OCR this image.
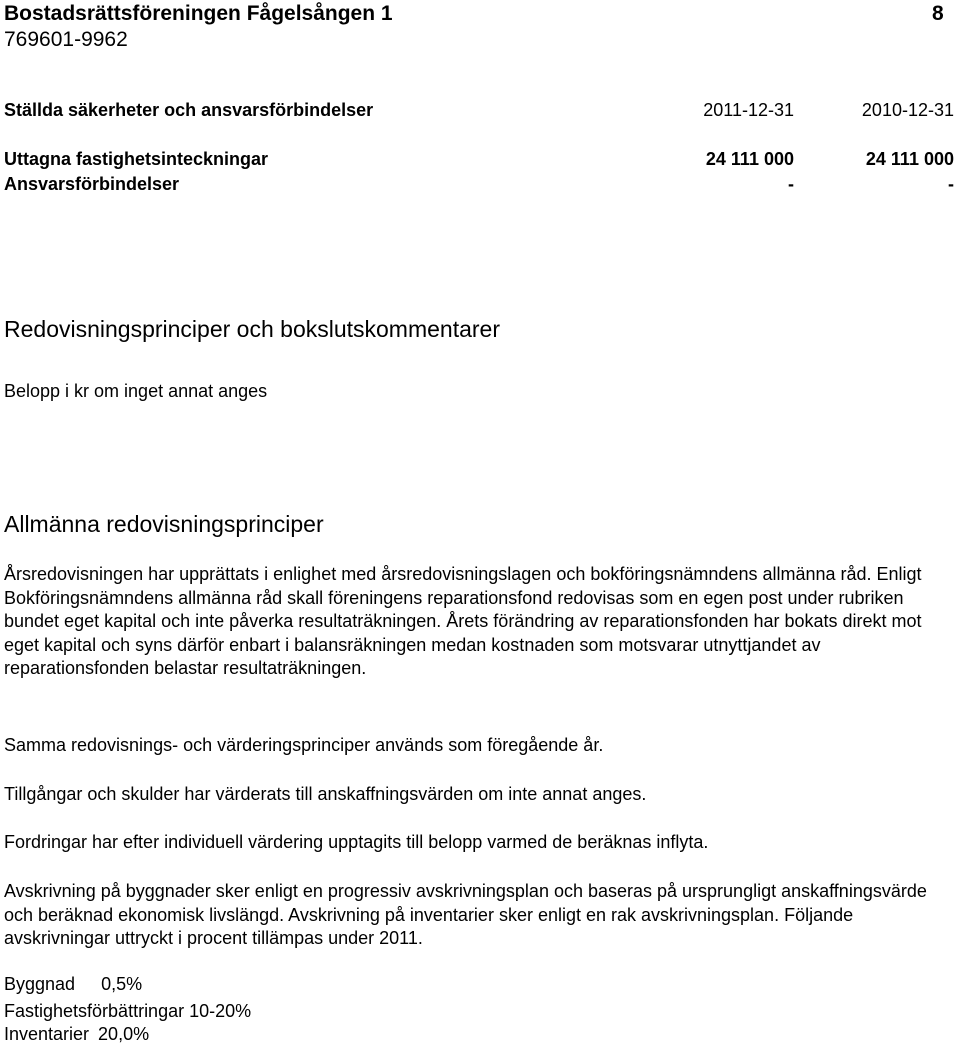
Bostadsrättsföreningen Fågelsången 1	8
769601-9962
Ställda säkerheter och ansvarsförbindelser	2011-12-31	2010-12-31
Uttagna fastighetsinteckningar	24 111 000	24 111 000
Ansvarsförbindelser	-	-
Redovisningsprinciper och bokslutskommentarer
Belopp i kr om inget annat anges
Allmänna redovisningsprinciper
Årsredovisningen har upprättats i enlighet med årsredovisningslagen och bokföringsnämndens allmänna råd. Enligt Bokföringsnämndens allmänna råd skall föreningens reparationsfond redovisas som en egen post under rubriken bundet eget kapital och inte påverka resultaträkningen. Årets förändring av reparationsfonden har bokats direkt mot eget kapital och syns därför enbart i balansräkningen medan kostnaden som motsvarar utnyttjandet av reparationsfonden belastar resultaträkningen.
Samma redovisnings- och värderingsprinciper används som föregående år.
Tillgångar och skulder har värderats till anskaffningsvärden om inte annat anges.
Fordringar har efter individuell värdering upptagits till belopp varmed de beräknas inflyta.
Avskrivning på byggnader sker enligt en progressiv avskrivningsplan och baseras på ursprungligt anskaffningsvärde och beräknad ekonomisk livslängd. Avskrivning på inventarier sker enligt en rak avskrivningsplan. Följande avskrivningar uttryckt i procent tillämpas under 2011.
Byggnad 0,5%
Fastighetsförbättringar 10-20%
Inventarier 20,0%
